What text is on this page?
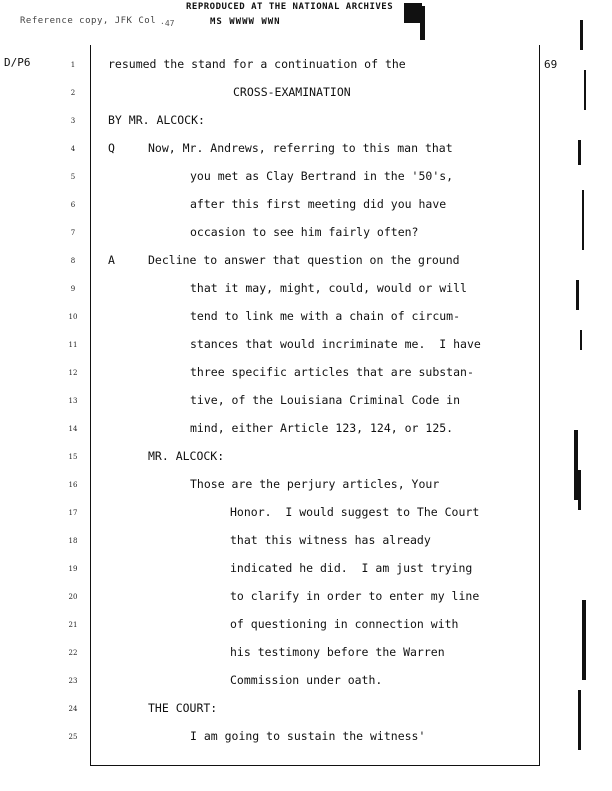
Reference copy, JFK Col
REPRODUCED AT THE NATIONAL ARCHIVES
·47	MS WWWW WWN
D/P6	69
1	resumed the stand for a continuation of the
2	CROSS-EXAMINATION
3	BY MR. ALCOCK:
4	Q	Now, Mr. Andrews, referring to this man that
5	you met as Clay Bertrand in the '50's,
6	after this first meeting did you have
7	occasion to see him fairly often?
8	A	Decline to answer that question on the ground
9	that it may, might, could, would or will
10	tend to link me with a chain of circum-
11	stances that would incriminate me.  I have
12	three specific articles that are substan-
13	tive, of the Louisiana Criminal Code in
14	mind, either Article 123, 124, or 125.
15	MR. ALCOCK:
16	Those are the perjury articles, Your
17	Honor.  I would suggest to The Court
18	that this witness has already
19	indicated he did.  I am just trying
20	to clarify in order to enter my line
21	of questioning in connection with
22	his testimony before the Warren
23	Commission under oath.
24	THE COURT:
25	I am going to sustain the witness'
